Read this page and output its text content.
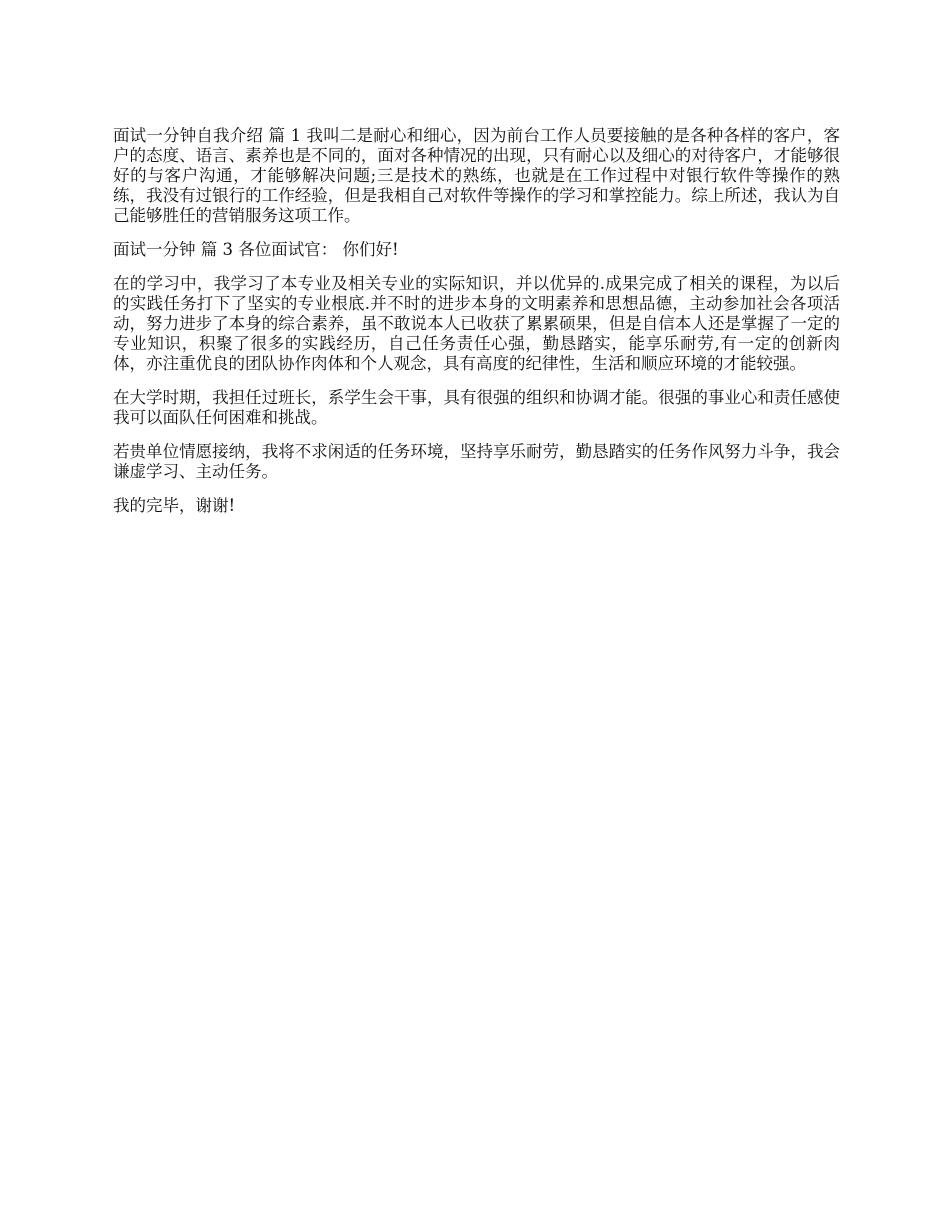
面试一分钟自我介绍 篇 1 我叫二是耐心和细心，因为前台工作人员要接触的是各种各样的客户，客户的态度、语言、素养也是不同的，面对各种情况的出现，只有耐心以及细心的对待客户，才能够很好的与客户沟通，才能够解决问题;三是技术的熟练，也就是在工作过程中对银行软件等操作的熟练，我没有过银行的工作经验，但是我相自己对软件等操作的学习和掌控能力。综上所述，我认为自己能够胜任的营销服务这项工作。

面试一分钟 篇 3 各位面试官： 你们好!

在的学习中，我学习了本专业及相关专业的实际知识，并以优异的.成果完成了相关的课程，为以后的实践任务打下了坚实的专业根底.并不时的进步本身的文明素养和思想品德，主动参加社会各项活动，努力进步了本身的综合素养，虽不敢说本人已收获了累累硕果，但是自信本人还是掌握了一定的专业知识，积聚了很多的实践经历，自己任务责任心强，勤恳踏实，能享乐耐劳,有一定的创新肉体，亦注重优良的团队协作肉体和个人观念，具有高度的纪律性，生活和顺应环境的才能较强。

在大学时期，我担任过班长，系学生会干事，具有很强的组织和协调才能。很强的事业心和责任感使我可以面队任何困难和挑战。

若贵单位情愿接纳，我将不求闲适的任务环境，坚持享乐耐劳，勤恳踏实的任务作风努力斗争，我会谦虚学习、主动任务。

我的完毕，谢谢!
